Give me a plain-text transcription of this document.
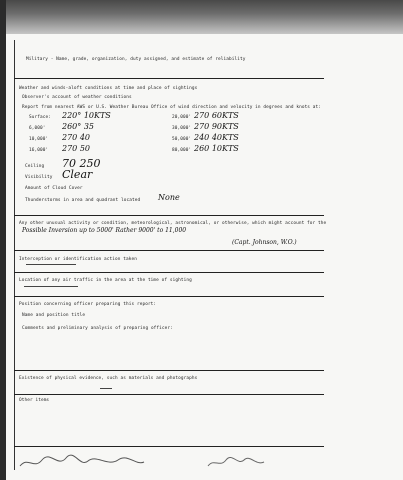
Military - Name, grade, organization, duty assigned, and estimate of reliability
Weather and winds-aloft conditions at time and place of sightings
Observer's account of weather conditions
Report from nearest AWS or U.S. Weather Bureau Office of wind direction and velocity in degrees and knots at:
Surface: 220° 10KTS
6,000' 260° 35
10,000' 270 40
16,000' 270 50
20,000' 270 60KTS
30,000' 270 90KTS
50,000' 240 40KTS
80,000' 260 10KTS
Ceiling 70 250
Visibility Clear
Amount of Cloud Cover
Thunderstorms in area and quadrant located None
Any other unusual activity or condition, meteorological, astronomical, or otherwise, which might account for the
Possible Inversion up to 5000' Rather 9000' to 11,000
(Capt. Johnson, W.O.)
Interception or identification action taken
Location of any air traffic in the area at the time of sighting
Position concerning officer preparing this report:
Name and position title
Comments and preliminary analysis of preparing officer:
Existence of physical evidence, such as materials and photographs
Other items
